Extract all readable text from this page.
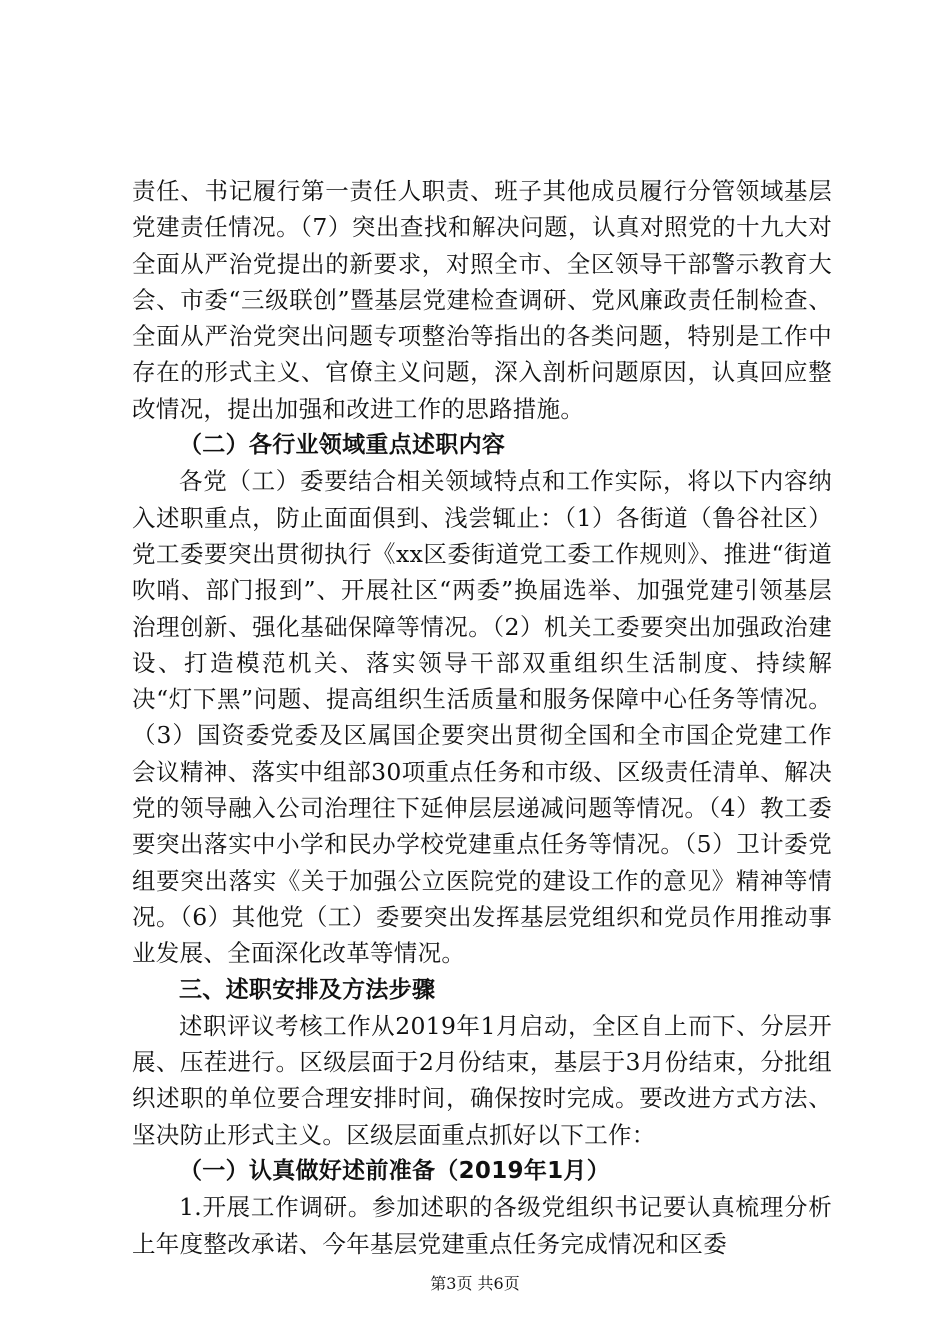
责任、书记履行第一责任人职责、班子其他成员履行分管领域基层党建责任情况。（7）突出查找和解决问题，认真对照党的十九大对全面从严治党提出的新要求，对照全市、全区领导干部警示教育大会、市委“三级联创”暨基层党建检查调研、党风廉政责任制检查、全面从严治党突出问题专项整治等指出的各类问题，特别是工作中存在的形式主义、官僚主义问题，深入剖析问题原因，认真回应整改情况，提出加强和改进工作的思路措施。

（二）各行业领域重点述职内容

各党（工）委要结合相关领域特点和工作实际，将以下内容纳入述职重点，防止面面俱到、浅尝辄止：（1）各街道（鲁谷社区）党工委要突出贯彻执行《xx区委街道党工委工作规则》、推进“街道吹哨、部门报到”、开展社区“两委”换届选举、加强党建引领基层治理创新、强化基础保障等情况。（2）机关工委要突出加强政治建设、打造模范机关、落实领导干部双重组织生活制度、持续解决“灯下黑”问题、提高组织生活质量和服务保障中心任务等情况。（3）国资委党委及区属国企要突出贯彻全国和全市国企党建工作会议精神、落实中组部30项重点任务和市级、区级责任清单、解决党的领导融入公司治理往下延伸层层递减问题等情况。（4）教工委要突出落实中小学和民办学校党建重点任务等情况。（5）卫计委党组要突出落实《关于加强公立医院党的建设工作的意见》精神等情况。（6）其他党（工）委要突出发挥基层党组织和党员作用推动事业发展、全面深化改革等情况。

三、述职安排及方法步骤

述职评议考核工作从2019年1月启动，全区自上而下、分层开展、压茬进行。区级层面于2月份结束，基层于3月份结束，分批组织述职的单位要合理安排时间，确保按时完成。要改进方式方法、坚决防止形式主义。区级层面重点抓好以下工作：

（一）认真做好述前准备（2019年1月）

1.开展工作调研。参加述职的各级党组织书记要认真梳理分析上年度整改承诺、今年基层党建重点任务完成情况和区委

第3页 共6页
